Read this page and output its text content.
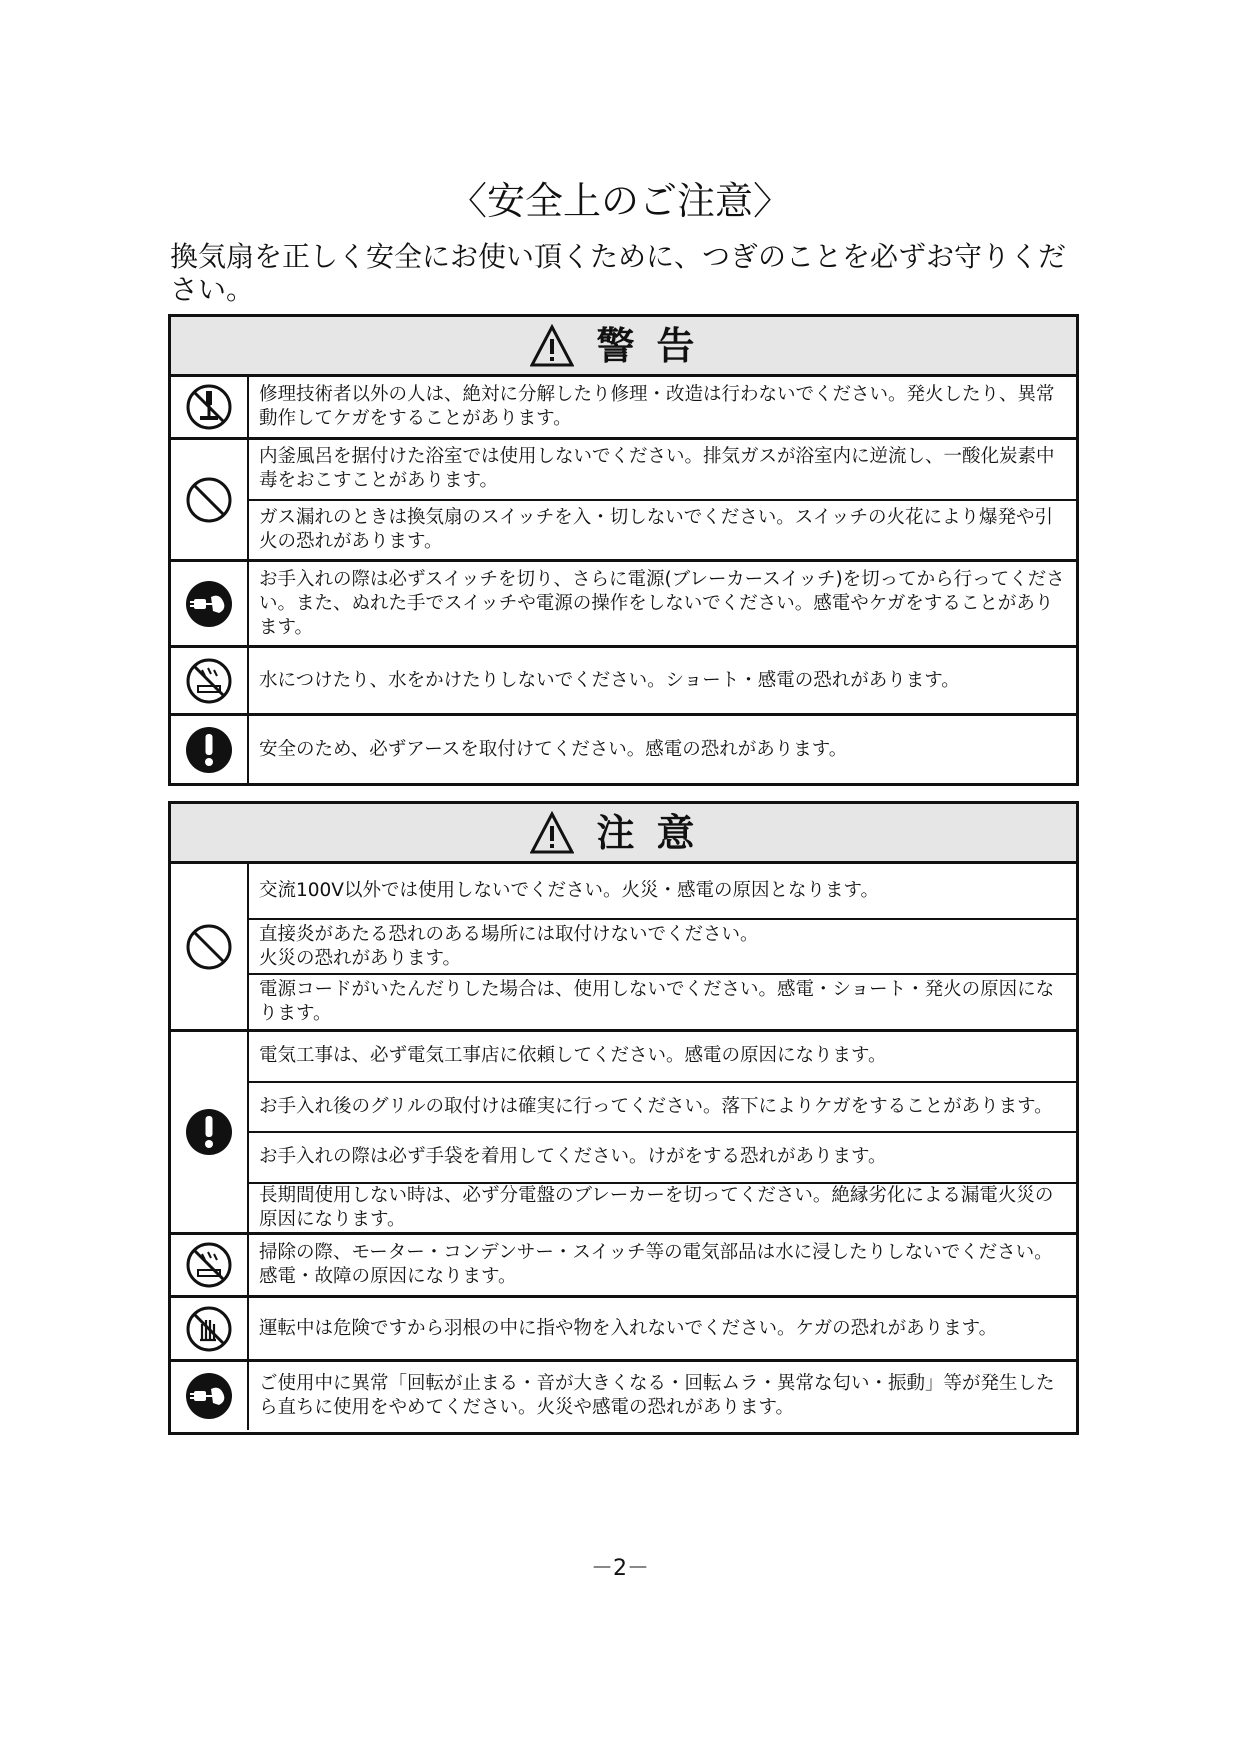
〈安全上のご注意〉
換気扇を正しく安全にお使い頂くために、つぎのことを必ずお守りください。
警告
修理技術者以外の人は、絶対に分解したり修理・改造は行わないでください。発火したり、異常動作してケガをすることがあります。
内釜風呂を据付けた浴室では使用しないでください。排気ガスが浴室内に逆流し、一酸化炭素中毒をおこすことがあります。
ガス漏れのときは換気扇のスイッチを入・切しないでください。スイッチの火花により爆発や引火の恐れがあります。
お手入れの際は必ずスイッチを切り、さらに電源(ブレーカースイッチ)を切ってから行ってください。また、ぬれた手でスイッチや電源の操作をしないでください。感電やケガをすることがあります。
水につけたり、水をかけたりしないでください。ショート・感電の恐れがあります。
安全のため、必ずアースを取付けてください。感電の恐れがあります。
注意
交流100V以外では使用しないでください。火災・感電の原因となります。
直接炎があたる恐れのある場所には取付けないでください。
火災の恐れがあります。
電源コードがいたんだりした場合は、使用しないでください。感電・ショート・発火の原因になります。
電気工事は、必ず電気工事店に依頼してください。感電の原因になります。
お手入れ後のグリルの取付けは確実に行ってください。落下によりケガをすることがあります。
お手入れの際は必ず手袋を着用してください。けがをする恐れがあります。
長期間使用しない時は、必ず分電盤のブレーカーを切ってください。絶縁劣化による漏電火災の原因になります。
掃除の際、モーター・コンデンサー・スイッチ等の電気部品は水に浸したりしないでください。感電・故障の原因になります。
運転中は危険ですから羽根の中に指や物を入れないでください。ケガの恐れがあります。
ご使用中に異常「回転が止まる・音が大きくなる・回転ムラ・異常な匂い・振動」等が発生したら直ちに使用をやめてください。火災や感電の恐れがあります。
－2－
